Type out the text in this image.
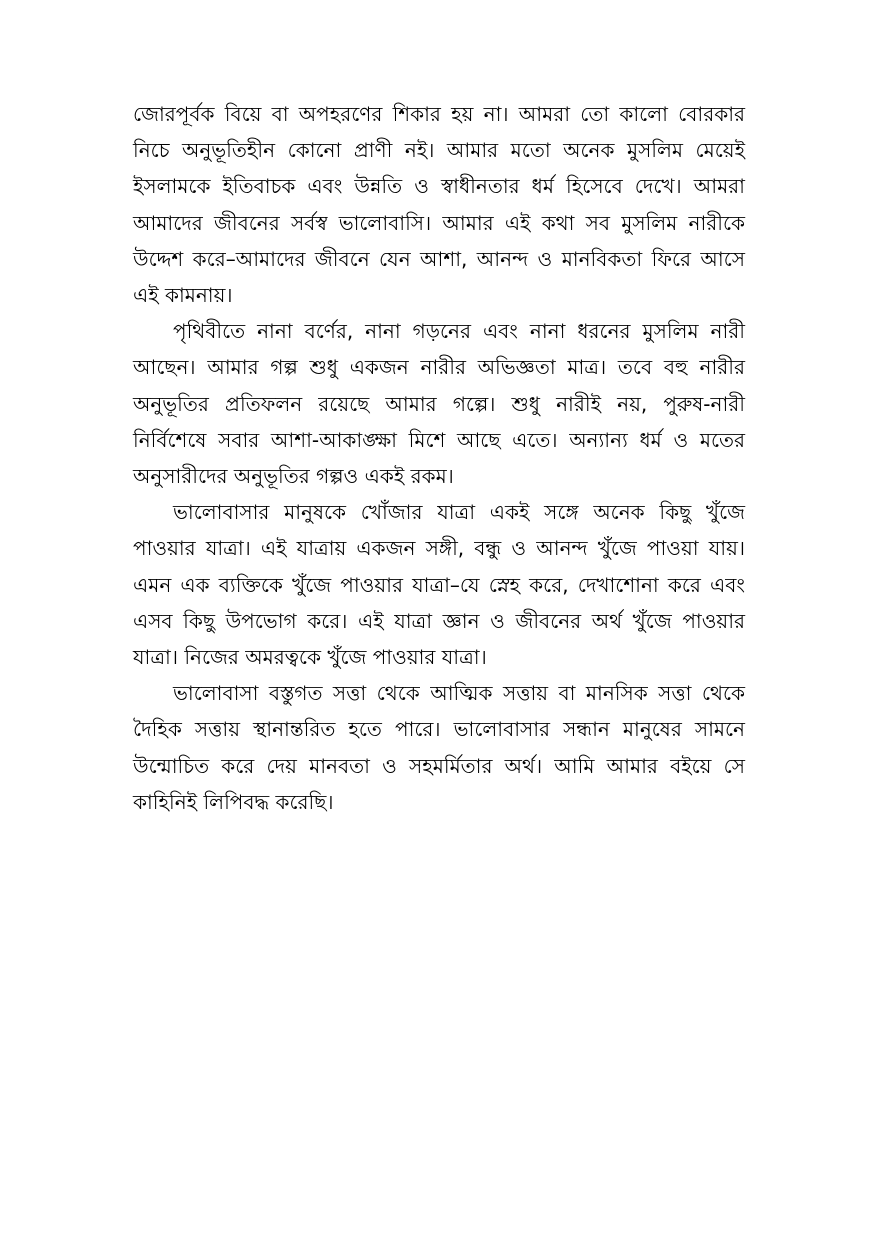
জোরপূর্বক বিয়ে বা অপহরণের শিকার হয় না। আমরা তো কালো বোরকার নিচে অনুভূতিহীন কোনো প্রাণী নই। আমার মতো অনেক মুসলিম মেয়েই ইসলামকে ইতিবাচক এবং উন্নতি ও স্বাধীনতার ধর্ম হিসেবে দেখে। আমরা আমাদের জীবনের সর্বস্ব ভালোবাসি। আমার এই কথা সব মুসলিম নারীকে উদ্দেশ করে–আমাদের জীবনে যেন আশা, আনন্দ ও মানবিকতা ফিরে আসে এই কামনায়।

পৃথিবীতে নানা বর্ণের, নানা গড়নের এবং নানা ধরনের মুসলিম নারী আছেন। আমার গল্প শুধু একজন নারীর অভিজ্ঞতা মাত্র। তবে বহু নারীর অনুভূতির প্রতিফলন রয়েছে আমার গল্পে। শুধু নারীই নয়, পুরুষ-নারী নির্বিশেষে সবার আশা-আকাঙ্ক্ষা মিশে আছে এতে। অন্যান্য ধর্ম ও মতের অনুসারীদের অনুভূতির গল্পও একই রকম।

ভালোবাসার মানুষকে খোঁজার যাত্রা একই সঙ্গে অনেক কিছু খুঁজে পাওয়ার যাত্রা। এই যাত্রায় একজন সঙ্গী, বন্ধু ও আনন্দ খুঁজে পাওয়া যায়। এমন এক ব্যক্তিকে খুঁজে পাওয়ার যাত্রা–যে স্নেহ করে, দেখাশোনা করে এবং এসব কিছু উপভোগ করে। এই যাত্রা জ্ঞান ও জীবনের অর্থ খুঁজে পাওয়ার যাত্রা। নিজের অমরত্বকে খুঁজে পাওয়ার যাত্রা।

ভালোবাসা বস্তুগত সত্তা থেকে আত্মিক সত্তায় বা মানসিক সত্তা থেকে দৈহিক সত্তায় স্থানান্তরিত হতে পারে। ভালোবাসার সন্ধান মানুষের সামনে উন্মোচিত করে দেয় মানবতা ও সহমর্মিতার অর্থ। আমি আমার বইয়ে সে কাহিনিই লিপিবদ্ধ করেছি।
